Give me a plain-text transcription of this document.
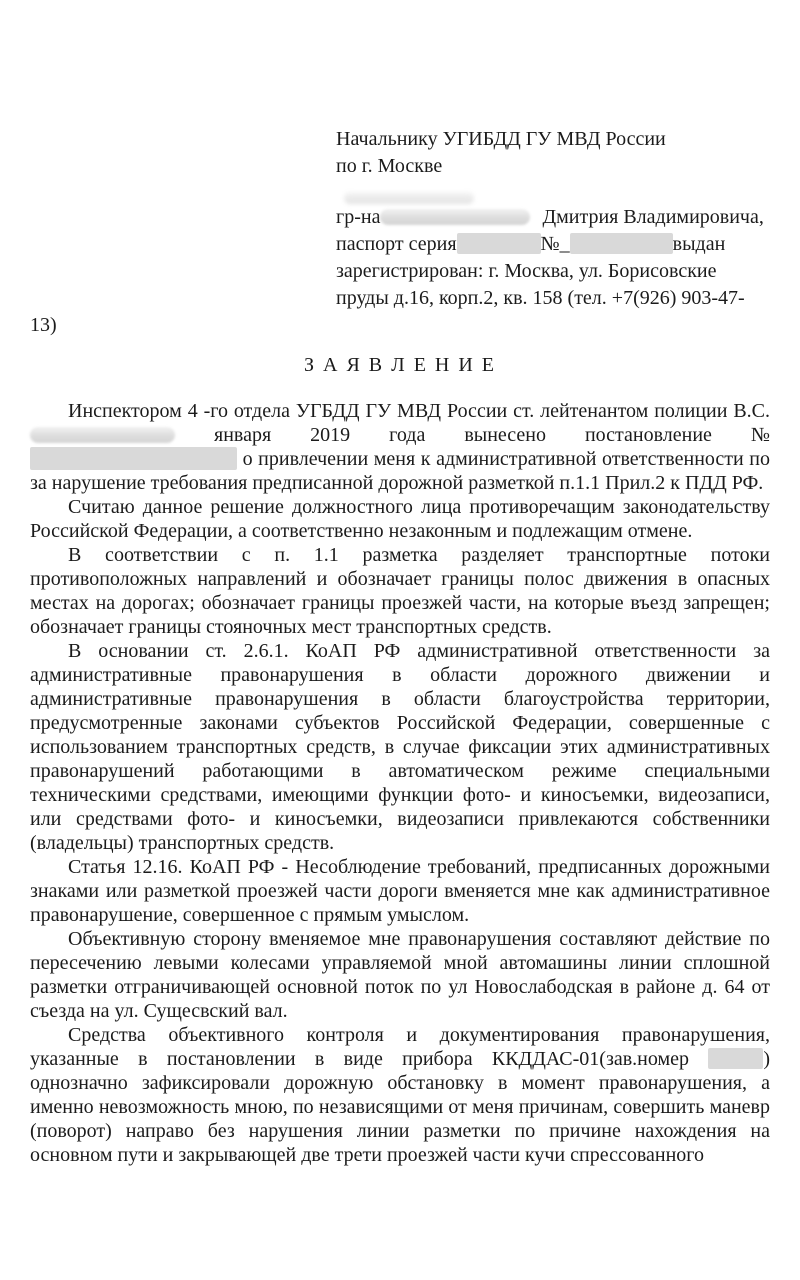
Начальнику УГИБДД ГУ МВД России
по г. Москве
гр-на	Дмитрия Владимировича,
паспорт серия	№_	выдан
зарегистрирован: г. Москва, ул. Борисовские
пруды д.16, корп.2, кв. 158 (тел. +7(926) 903-47-
13)
З А Я В Л Е Н И Е

Инспектором 4 -го отдела УГБДД ГУ МВД России ст. лейтенантом полиции В.С.  января 2019 года вынесено постановление №  о привлечении меня к административной ответственности по за нарушение требования предписанной дорожной разметкой п.1.1 Прил.2 к ПДД РФ.

Считаю данное решение должностного лица противоречащим законодательству Российской Федерации, а соответственно незаконным и подлежащим отмене.

В соответствии с п. 1.1 разметка разделяет транспортные потоки противоположных направлений и обозначает границы полос движения в опасных местах на дорогах; обозначает границы проезжей части, на которые въезд запрещен; обозначает границы стояночных мест транспортных средств.

В основании ст. 2.6.1. КоАП РФ административной ответственности за административные правонарушения в области дорожного движении и административные правонарушения в области благоустройства территории, предусмотренные законами субъектов Российской Федерации, совершенные с использованием транспортных средств, в случае фиксации этих административных правонарушений работающими в автоматическом режиме специальными техническими средствами, имеющими функции фото- и киносъемки, видеозаписи, или средствами фото- и киносъемки, видеозаписи привлекаются собственники (владельцы) транспортных средств.

Статья 12.16. КоАП РФ - Несоблюдение требований, предписанных дорожными знаками или разметкой проезжей части дороги вменяется мне как административное правонарушение, совершенное с прямым умыслом.

Объективную сторону вменяемое мне правонарушения составляют действие по пересечению левыми колесами управляемой мной автомашины линии сплошной разметки отграничивающей основной поток по ул Новослабодская в районе д. 64 от съезда на ул. Сущесвский вал.

Средства объективного контроля и документирования правонарушения, указанные в постановлении в виде прибора ККДДАС-01(зав.номер	) однозначно зафиксировали дорожную обстановку в момент правонарушения, а именно невозможность мною, по независящими от меня причинам, совершить маневр (поворот) направо без нарушения линии разметки по причине нахождения на основном пути и закрывающей две трети проезжей части кучи спрессованного
